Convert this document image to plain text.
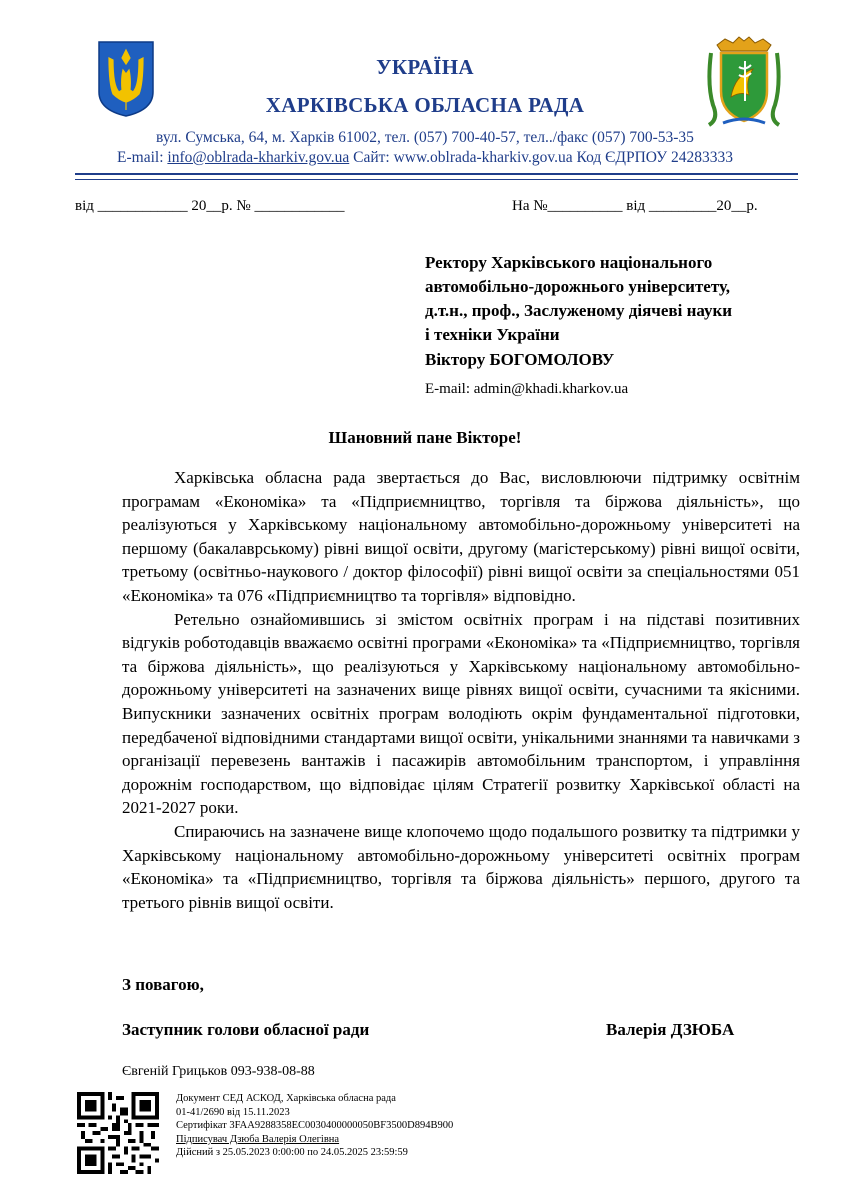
УКРАЇНА
ХАРКІВСЬКА ОБЛАСНА РАДА
вул. Сумська, 64, м. Харків 61002, тел. (057) 700-40-57, тел../факс (057) 700-53-35
E-mail: info@oblrada-kharkiv.gov.ua Сайт: www.oblrada-kharkiv.gov.ua Код ЄДРПОУ 24283333
від ____________ 20__р. № ____________	На №__________ від _________20__р.
Ректору Харківського національного
автомобільно-дорожнього університету,
д.т.н., проф., Заслуженому діячеві науки
і техніки України
Віктору БОГОМОЛОВУ
E-mail: admin@khadi.kharkov.ua
Шановний пане Вікторе!

Харківська обласна рада звертається до Вас, висловлюючи підтримку освітнім програмам «Економіка» та «Підприємництво, торгівля та біржова діяльність», що реалізуються у Харківському національному автомобільно-дорожньому університеті на першому (бакалаврському) рівні вищої освіти, другому (магістерському) рівні вищої освіти, третьому (освітньо-наукового / доктор філософії) рівні вищої освіти за спеціальностями 051 «Економіка» та 076 «Підприємництво та торгівля» відповідно.

Ретельно ознайомившись зі змістом освітніх програм і на підставі позитивних відгуків роботодавців вважаємо освітні програми «Економіка» та «Підприємництво, торгівля та біржова діяльність», що реалізуються у Харківському національному автомобільно-дорожньому університеті на зазначених вище рівнях вищої освіти, сучасними та якісними. Випускники зазначених освітніх програм володіють окрім фундаментальної підготовки, передбаченої відповідними стандартами вищої освіти, унікальними знаннями та навичками з організації перевезень вантажів і пасажирів автомобільним транспортом, і управління дорожнім господарством, що відповідає цілям Стратегії розвитку Харківської області на 2021-2027 роки.

Спираючись на зазначене вище клопочемо щодо подальшого розвитку та підтримки у Харківському національному автомобільно-дорожньому університеті освітніх програм «Економіка» та «Підприємництво, торгівля та біржова діяльність» першого, другого та третього рівнів вищої освіти.

З повагою,
Заступник голови обласної ради	Валерія ДЗЮБА
Євгеній Грицьков 093-938-08-88
Документ СЕД АСКОД, Харківська обласна рада
01-41/2690 від 15.11.2023
Сертифікат 3FAA9288358EC0030400000050BF3500D894B900
Підписувач Дзюба Валерія Олегівна
Дійсний з 25.05.2023 0:00:00 по 24.05.2025 23:59:59
